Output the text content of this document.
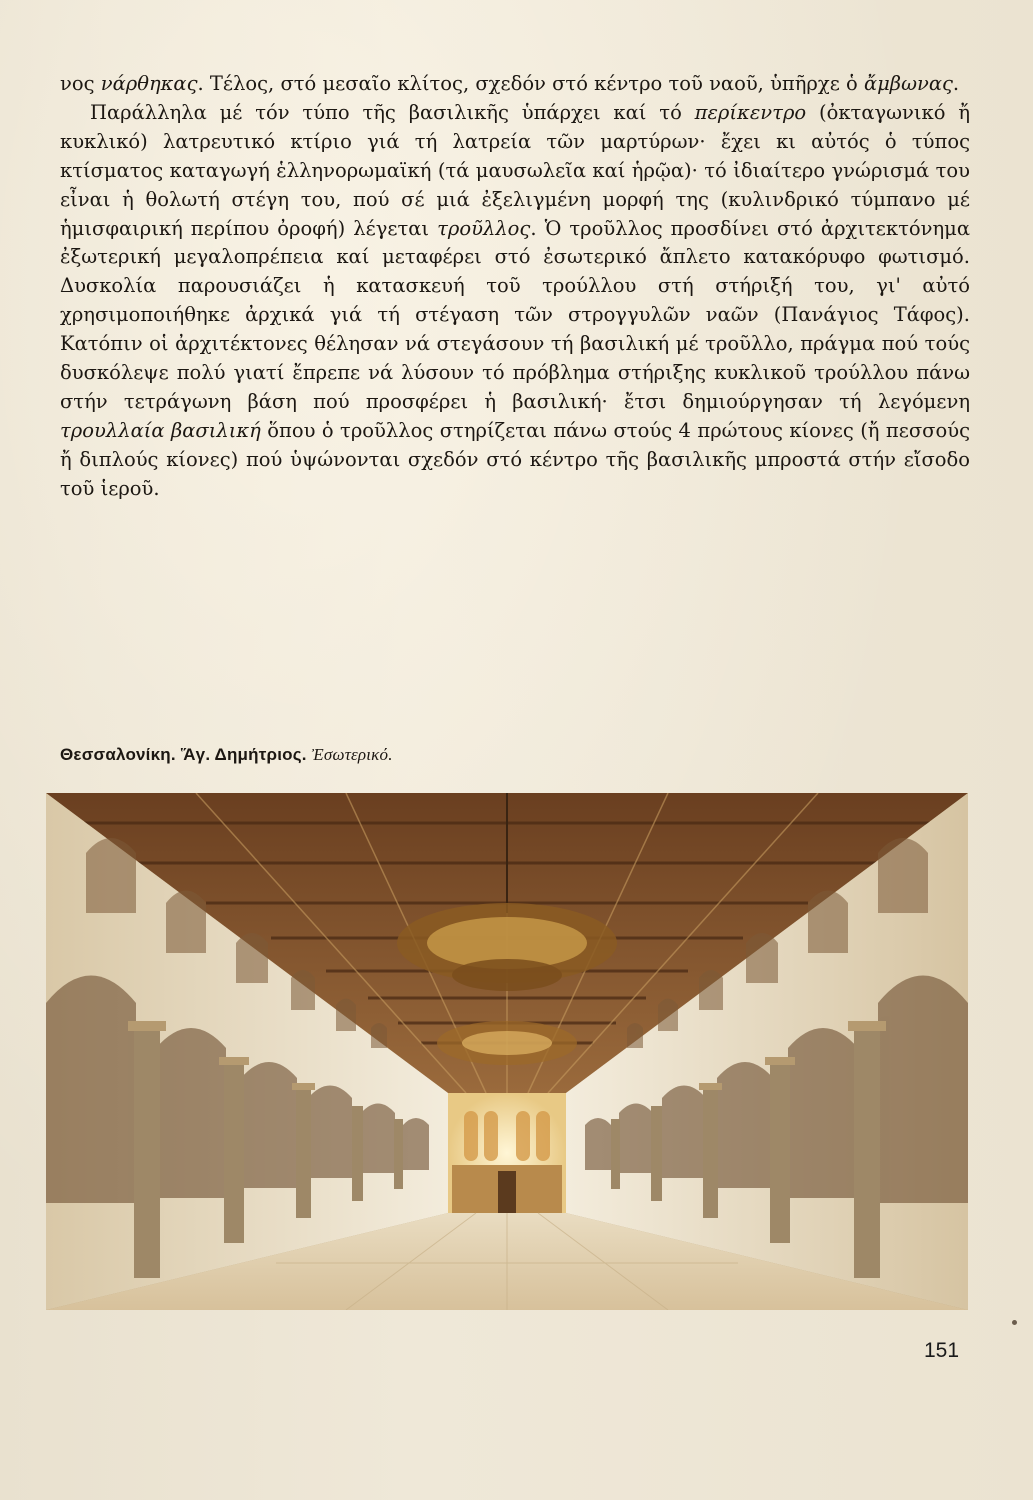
νος νάρθηκας. Τέλος, στό μεσαῖο κλίτος, σχεδόν στό κέντρο τοῦ ναοῦ, ὑπῆρχε ὁ ἄμβωνας.

Παράλληλα μέ τόν τύπο τῆς βασιλικῆς ὑπάρχει καί τό περίκεντρο (ὀκταγωνικό ἤ κυκλικό) λατρευτικό κτίριο γιά τή λατρεία τῶν μαρτύρων· ἔχει κι αὐτός ὁ τύπος κτίσματος καταγωγή ἑλληνορωμαϊκή (τά μαυσωλεῖα καί ἡρῷα)· τό ἰδιαίτερο γνώρισμά του εἶναι ἡ θολωτή στέγη του, πού σέ μιά ἐξελιγμένη μορφή της (κυλινδρικό τύμπανο μέ ἡμισφαιρική περίπου ὀροφή) λέγεται τροῦλλος. Ὁ τροῦλλος προσδίνει στό ἀρχιτεκτόνημα ἐξωτερική μεγαλοπρέπεια καί μεταφέρει στό ἐσωτερικό ἄπλετο κατακόρυφο φωτισμό. Δυσκολία παρουσιάζει ἡ κατασκευή τοῦ τρούλλου στή στήριξή του, γι' αὐτό χρησιμοποιήθηκε ἀρχικά γιά τή στέγαση τῶν στρογγυλῶν ναῶν (Πανάγιος Τάφος). Κατόπιν οἱ ἀρχιτέκτονες θέλησαν νά στεγάσουν τή βασιλική μέ τροῦλλο, πράγμα πού τούς δυσκόλεψε πολύ γιατί ἔπρεπε νά λύσουν τό πρόβλημα στήριξης κυκλικοῦ τρούλλου πάνω στήν τετράγωνη βάση πού προσφέρει ἡ βασιλική· ἔτσι δημιούργησαν τή λεγόμενη τρουλλαία βασιλική ὅπου ὁ τροῦλλος στηρίζεται πάνω στούς 4 πρώτους κίονες (ἤ πεσσούς ἤ διπλούς κίονες) πού ὑψώνονται σχεδόν στό κέντρο τῆς βασιλικῆς μπροστά στήν εἴσοδο τοῦ ἱεροῦ.

Θεσσαλονίκη. Ἅγ. Δημήτριος. Ἐσωτερικό.
151
